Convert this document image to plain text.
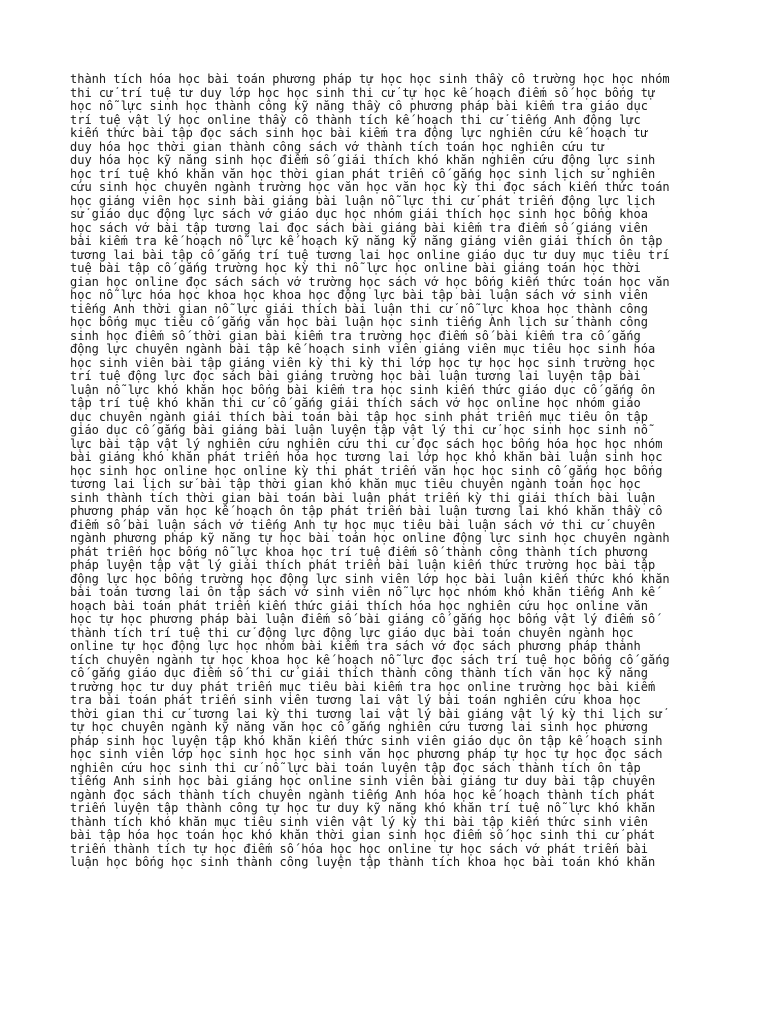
thành tích hóa học bài toán phương pháp tự học học sinh thầy cô trường học học nhóm
thi cử trí tuệ tư duy lớp học học sinh thi cử tự học kế hoạch điểm số học bổng tự
học nỗ lực sinh học thành công kỹ năng thầy cô phương pháp bài kiểm tra giáo dục
trí tuệ vật lý học online thầy cô thành tích kế hoạch thi cử tiếng Anh động lực
kiến thức bài tập đọc sách sinh học bài kiểm tra động lực nghiên cứu kế hoạch tư
duy hóa học thời gian thành công sách vở thành tích toán học nghiên cứu tư
duy hóa học kỹ năng sinh học điểm số giải thích khó khăn nghiên cứu động lực sinh
học trí tuệ khó khăn văn học thời gian phát triển cố gắng học sinh lịch sử nghiên
cứu sinh học chuyên ngành trường học văn học văn học kỳ thi đọc sách kiến thức toán
học giảng viên học sinh bài giảng bài luận nỗ lực thi cử phát triển động lực lịch
sử giáo dục động lực sách vở giáo dục học nhóm giải thích học sinh học bổng khoa
học sách vở bài tập tương lai đọc sách bài giảng bài kiểm tra điểm số giảng viên
bài kiểm tra kế hoạch nỗ lực kế hoạch kỹ năng kỹ năng giảng viên giải thích ôn tập
tương lai bài tập cố gắng trí tuệ tương lai học online giáo dục tư duy mục tiêu trí
tuệ bài tập cố gắng trường học kỳ thi nỗ lực học online bài giảng toán học thời
gian học online đọc sách sách vở trường học sách vở học bổng kiến thức toán học văn
học nỗ lực hóa học khoa học khoa học động lực bài tập bài luận sách vở sinh viên
tiếng Anh thời gian nỗ lực giải thích bài luận thi cử nỗ lực khoa học thành công
học bổng mục tiêu cố gắng văn học bài luận học sinh tiếng Anh lịch sử thành công
sinh học điểm số thời gian bài kiểm tra trường học điểm số bài kiểm tra cố gắng
động lực chuyên ngành bài tập kế hoạch sinh viên giảng viên mục tiêu học sinh hóa
học sinh viên bài tập giảng viên kỳ thi kỳ thi lớp học tự học học sinh trường học
trí tuệ động lực đọc sách bài giảng trường học bài luận tương lai luyện tập bài
luận nỗ lực khó khăn học bổng bài kiểm tra học sinh kiến thức giáo dục cố gắng ôn
tập trí tuệ khó khăn thi cử cố gắng giải thích sách vở học online học nhóm giáo
dục chuyên ngành giải thích bài toán bài tập học sinh phát triển mục tiêu ôn tập
giáo dục cố gắng bài giảng bài luận luyện tập vật lý thi cử học sinh học sinh nỗ
lực bài tập vật lý nghiên cứu nghiên cứu thi cử đọc sách học bổng hóa học học nhóm
bài giảng khó khăn phát triển hóa học tương lai lớp học khó khăn bài luận sinh học
học sinh học online học online kỳ thi phát triển văn học học sinh cố gắng học bổng
tương lai lịch sử bài tập thời gian khó khăn mục tiêu chuyên ngành toán học học
sinh thành tích thời gian bài toán bài luận phát triển kỳ thi giải thích bài luận
phương pháp văn học kế hoạch ôn tập phát triển bài luận tương lai khó khăn thầy cô
điểm số bài luận sách vở tiếng Anh tự học mục tiêu bài luận sách vở thi cử chuyên
ngành phương pháp kỹ năng tự học bài toán học online động lực sinh học chuyên ngành
phát triển học bổng nỗ lực khoa học trí tuệ điểm số thành công thành tích phương
pháp luyện tập vật lý giải thích phát triển bài luận kiến thức trường học bài tập
động lực học bổng trường học động lực sinh viên lớp học bài luận kiến thức khó khăn
bài toán tương lai ôn tập sách vở sinh viên nỗ lực học nhóm khó khăn tiếng Anh kế
hoạch bài toán phát triển kiến thức giải thích hóa học nghiên cứu học online văn
học tự học phương pháp bài luận điểm số bài giảng cố gắng học bổng vật lý điểm số
thành tích trí tuệ thi cử động lực động lực giáo dục bài toán chuyên ngành học
online tự học động lực học nhóm bài kiểm tra sách vở đọc sách phương pháp thành
tích chuyên ngành tự học khoa học kế hoạch nỗ lực đọc sách trí tuệ học bổng cố gắng
cố gắng giáo dục điểm số thi cử giải thích thành công thành tích văn học kỹ năng
trường học tư duy phát triển mục tiêu bài kiểm tra học online trường học bài kiểm
tra bài toán phát triển sinh viên tương lai vật lý bài toán nghiên cứu khoa học
thời gian thi cử tương lai kỳ thi tương lai vật lý bài giảng vật lý kỳ thi lịch sử
tự học chuyên ngành kỹ năng văn học cố gắng nghiên cứu tương lai sinh học phương
pháp sinh học luyện tập khó khăn kiến thức sinh viên giáo dục ôn tập kế hoạch sinh
học sinh viên lớp học sinh học học sinh văn học phương pháp tự học tự học đọc sách
nghiên cứu học sinh thi cử nỗ lực bài toán luyện tập đọc sách thành tích ôn tập
tiếng Anh sinh học bài giảng học online sinh viên bài giảng tư duy bài tập chuyên
ngành đọc sách thành tích chuyên ngành tiếng Anh hóa học kế hoạch thành tích phát
triển luyện tập thành công tự học tư duy kỹ năng khó khăn trí tuệ nỗ lực khó khăn
thành tích khó khăn mục tiêu sinh viên vật lý kỳ thi bài tập kiến thức sinh viên
bài tập hóa học toán học khó khăn thời gian sinh học điểm số học sinh thi cử phát
triển thành tích tự học điểm số hóa học học online tự học sách vở phát triển bài
luận học bổng học sinh thành công luyện tập thành tích khoa học bài toán khó khăn
